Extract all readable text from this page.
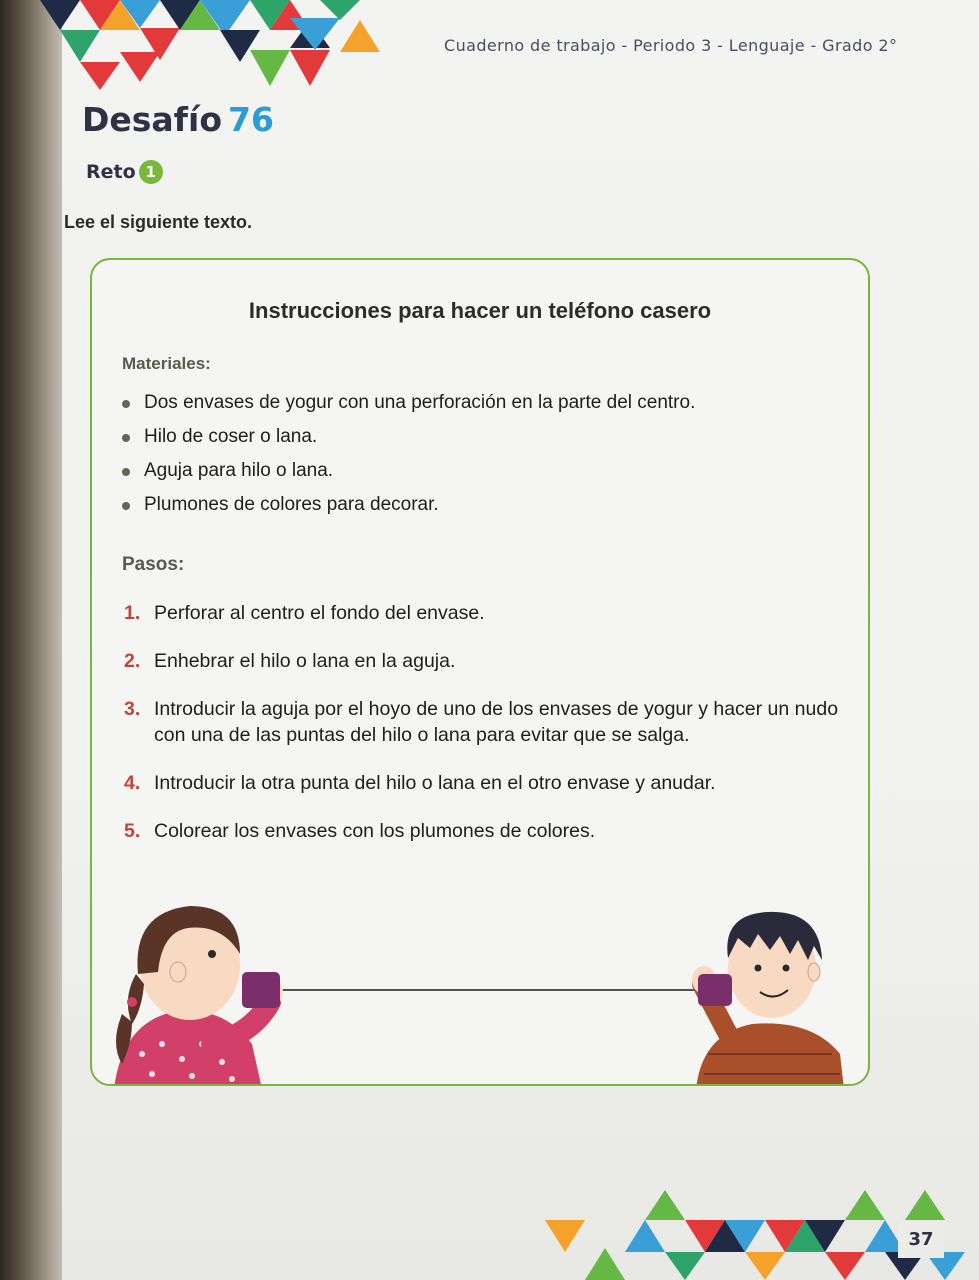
Cuaderno de trabajo - Periodo 3 - Lenguaje - Grado 2°
Desafío 76
Reto 1
Lee el siguiente texto.
Instrucciones para hacer un teléfono casero
Materiales:
Dos envases de yogur con una perforación en la parte del centro.
Hilo de coser o lana.
Aguja para hilo o lana.
Plumones de colores para decorar.
Pasos:
1. Perforar al centro el fondo del envase.
2. Enhebrar el hilo o lana en la aguja.
3. Introducir la aguja por el hoyo de uno de los envases de yogur y hacer un nudo con una de las puntas del hilo o lana para evitar que se salga.
4. Introducir la otra punta del hilo o lana en el otro envase y anudar.
5. Colorear los envases con los plumones de colores.
37
